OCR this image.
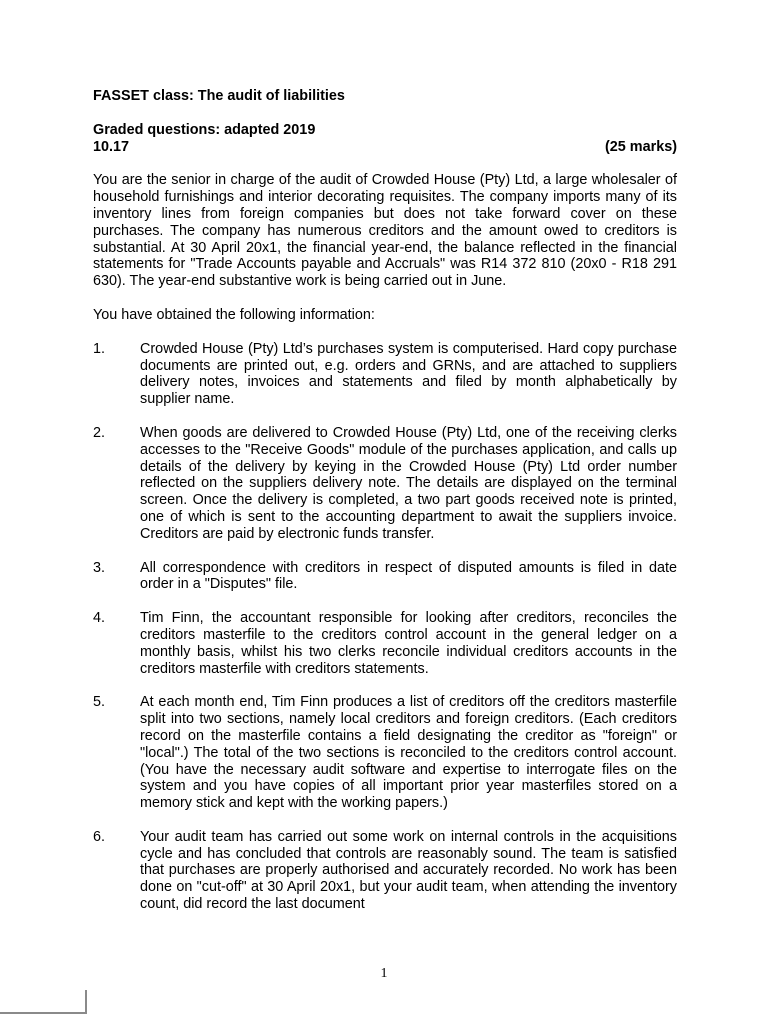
FASSET class: The audit of liabilities
Graded questions: adapted 2019
10.17	(25 marks)
You are the senior in charge of the audit of Crowded House (Pty) Ltd, a large wholesaler of household furnishings and interior decorating requisites. The company imports many of its inventory lines from foreign companies but does not take forward cover on these purchases. The company has numerous creditors and the amount owed to creditors is substantial. At 30 April 20x1, the financial year-end, the balance reflected in the financial statements for "Trade Accounts payable and Accruals" was R14 372 810 (20x0 - R18 291 630). The year-end substantive work is being carried out in June.
You have obtained the following information:
1.	Crowded House (Pty) Ltd’s purchases system is computerised. Hard copy purchase documents are printed out, e.g. orders and GRNs, and are attached to suppliers delivery notes, invoices and statements and filed by month alphabetically by supplier name.
2.	When goods are delivered to Crowded House (Pty) Ltd, one of the receiving clerks accesses to the "Receive Goods" module of the purchases application, and calls up details of the delivery by keying in the Crowded House (Pty) Ltd order number reflected on the suppliers delivery note. The details are displayed on the terminal screen. Once the delivery is completed, a two part goods received note is printed, one of which is sent to the accounting department to await the suppliers invoice. Creditors are paid by electronic funds transfer.
3.	All correspondence with creditors in respect of disputed amounts is filed in date order in a "Disputes" file.
4.	Tim Finn, the accountant responsible for looking after creditors, reconciles the creditors masterfile to the creditors control account in the general ledger on a monthly basis, whilst his two clerks reconcile individual creditors accounts in the creditors masterfile with creditors statements.
5.	At each month end, Tim Finn produces a list of creditors off the creditors masterfile split into two sections, namely local creditors and foreign creditors. (Each creditors record on the masterfile contains a field designating the creditor as "foreign" or "local".) The total of the two sections is reconciled to the creditors control account. (You have the necessary audit software and expertise to interrogate files on the system and you have copies of all important prior year masterfiles stored on a memory stick and kept with the working papers.)
6.	Your audit team has carried out some work on internal controls in the acquisitions cycle and has concluded that controls are reasonably sound. The team is satisfied that purchases are properly authorised and accurately recorded. No work has been done on "cut-off" at 30 April 20x1, but your audit team, when attending the inventory count, did record the last document
1
